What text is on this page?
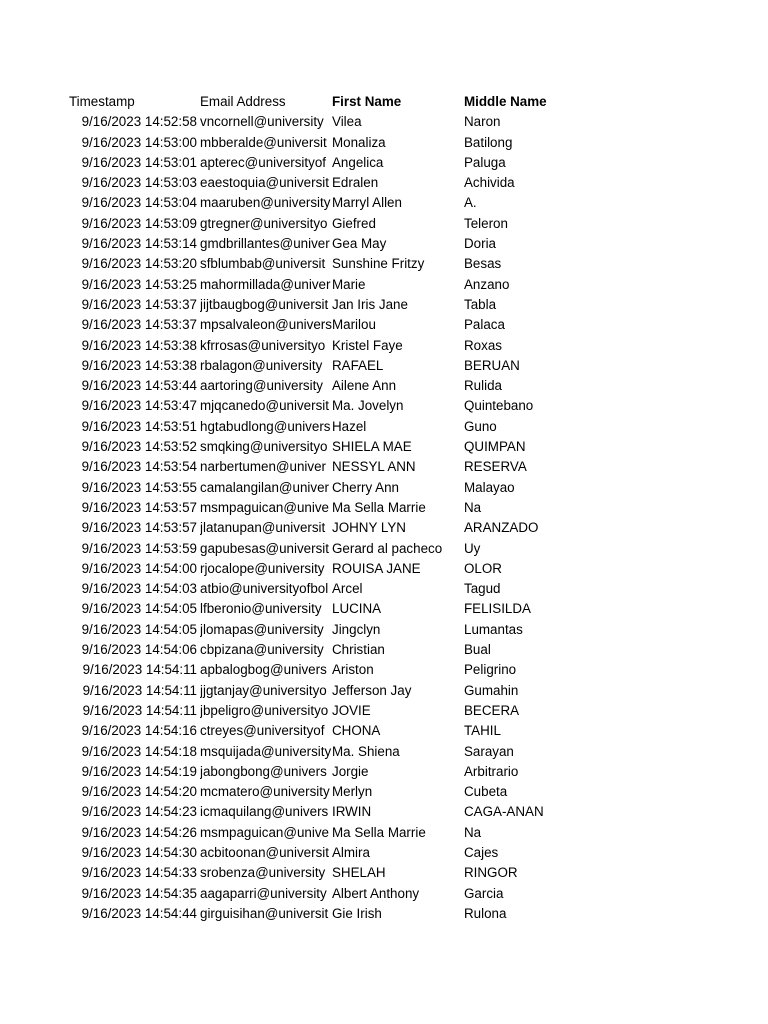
Timestamp	Email Address	First Name	Middle Name
9/16/2023 14:52:58 vncornell@university Vilea	Naron
9/16/2023 14:53:00 mbberalde@universit Monaliza	Batilong
9/16/2023 14:53:01 apterec@universityof Angelica	Paluga
9/16/2023 14:53:03 eaestoquia@universit Edralen	Achivida
9/16/2023 14:53:04 maaruben@university Marryl Allen	A.
9/16/2023 14:53:09 gtregner@universityo Giefred	Teleron
9/16/2023 14:53:14 gmdbrillantes@univer Gea May	Doria
9/16/2023 14:53:20 sfblumbab@universit Sunshine Fritzy	Besas
9/16/2023 14:53:25 mahormillada@univer Marie	Anzano
9/16/2023 14:53:37 jijtbaugbog@universit Jan Iris Jane	Tabla
9/16/2023 14:53:37 mpsalvaleon@univers Marilou	Palaca
9/16/2023 14:53:38 kfrrosas@universityo Kristel Faye	Roxas
9/16/2023 14:53:38 rbalagon@university RAFAEL	BERUAN
9/16/2023 14:53:44 aartoring@university Ailene Ann	Rulida
9/16/2023 14:53:47 mjqcanedo@universit Ma. Jovelyn	Quintebano
9/16/2023 14:53:51 hgtabudlong@univers Hazel	Guno
9/16/2023 14:53:52 smqking@universityo SHIELA MAE	QUIMPAN
9/16/2023 14:53:54 narbertumen@univer NESSYL ANN	RESERVA
9/16/2023 14:53:55 camalangilan@univer Cherry Ann	Malayao
9/16/2023 14:53:57 msmpaguican@unive Ma Sella Marrie	Na
9/16/2023 14:53:57 jlatanupan@universit JOHNY LYN	ARANZADO
9/16/2023 14:53:59 gapubesas@universit Gerard al pacheco	Uy
9/16/2023 14:54:00 rjocalope@university ROUISA JANE	OLOR
9/16/2023 14:54:03 atbio@universityofbol Arcel	Tagud
9/16/2023 14:54:05 lfberonio@university LUCINA	FELISILDA
9/16/2023 14:54:05 jlomapas@university Jingclyn	Lumantas
9/16/2023 14:54:06 cbpizana@university Christian	Bual
9/16/2023 14:54:11 apbalogbog@univers Ariston	Peligrino
9/16/2023 14:54:11 jjgtanjay@universityo Jefferson Jay	Gumahin
9/16/2023 14:54:11 jbpeligro@universityo JOVIE	BECERA
9/16/2023 14:54:16 ctreyes@universityof CHONA	TAHIL
9/16/2023 14:54:18 msquijada@university Ma. Shiena	Sarayan
9/16/2023 14:54:19 jabongbong@univers Jorgie	Arbitrario
9/16/2023 14:54:20 mcmatero@university Merlyn	Cubeta
9/16/2023 14:54:23 icmaquilang@univers IRWIN	CAGA-ANAN
9/16/2023 14:54:26 msmpaguican@unive Ma Sella Marrie	Na
9/16/2023 14:54:30 acbitoonan@universit Almira	Cajes
9/16/2023 14:54:33 srobenza@university SHELAH	RINGOR
9/16/2023 14:54:35 aagaparri@university Albert Anthony	Garcia
9/16/2023 14:54:44 girguisihan@universit Gie Irish	Rulona
